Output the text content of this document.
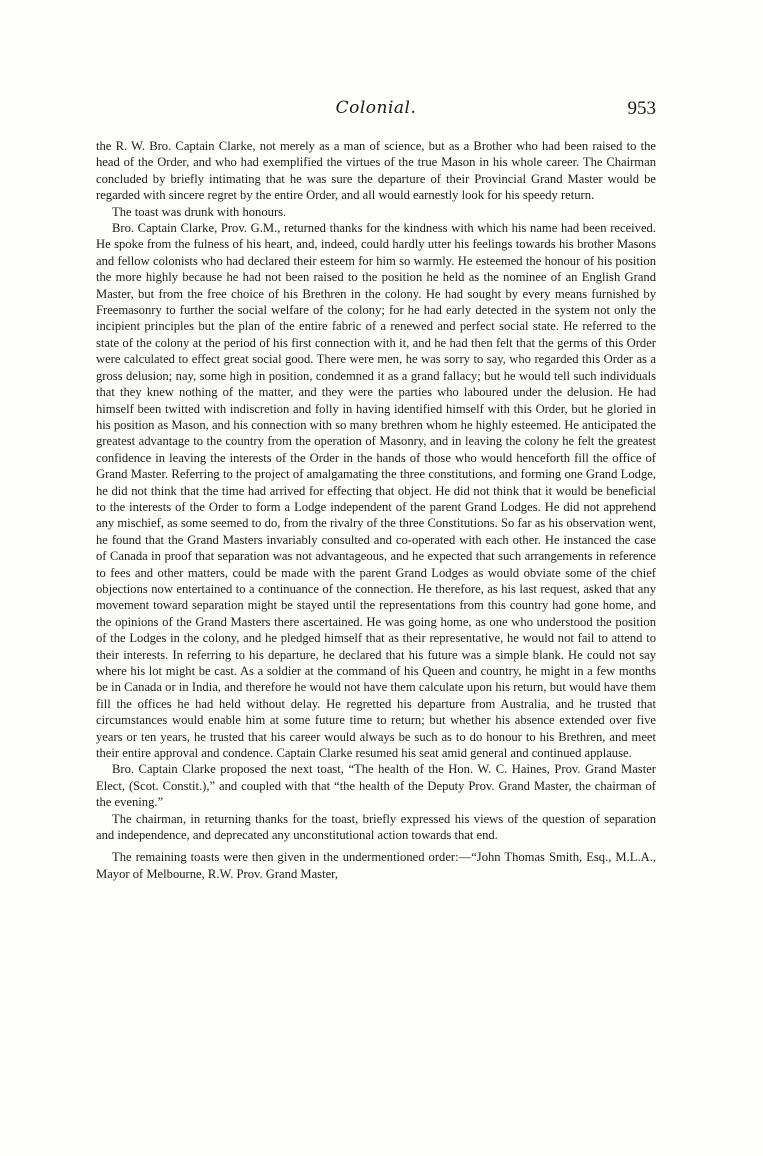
Colonial.	953

the R. W. Bro. Captain Clarke, not merely as a man of science, but as a Brother who had been raised to the head of the Order, and who had exemplified the virtues of the true Mason in his whole career. The Chairman concluded by briefly intimating that he was sure the departure of their Provincial Grand Master would be regarded with sincere regret by the entire Order, and all would earnestly look for his speedy return.

The toast was drunk with honours.

Bro. Captain Clarke, Prov. G.M., returned thanks for the kindness with which his name had been received. He spoke from the fulness of his heart, and, indeed, could hardly utter his feelings towards his brother Masons and fellow colonists who had declared their esteem for him so warmly. He esteemed the honour of his position the more highly because he had not been raised to the position he held as the nominee of an English Grand Master, but from the free choice of his Brethren in the colony. He had sought by every means furnished by Freemasonry to further the social welfare of the colony; for he had early detected in the system not only the incipient principles but the plan of the entire fabric of a renewed and perfect social state. He referred to the state of the colony at the period of his first connection with it, and he had then felt that the germs of this Order were calculated to effect great social good. There were men, he was sorry to say, who regarded this Order as a gross delusion; nay, some high in position, condemned it as a grand fallacy; but he would tell such individuals that they knew nothing of the matter, and they were the parties who laboured under the delusion. He had himself been twitted with indiscretion and folly in having identified himself with this Order, but he gloried in his position as Mason, and his connection with so many brethren whom he highly esteemed. He anticipated the greatest advantage to the country from the operation of Masonry, and in leaving the colony he felt the greatest confidence in leaving the interests of the Order in the hands of those who would henceforth fill the office of Grand Master. Referring to the project of amalgamating the three constitutions, and forming one Grand Lodge, he did not think that the time had arrived for effecting that object. He did not think that it would be beneficial to the interests of the Order to form a Lodge independent of the parent Grand Lodges. He did not apprehend any mischief, as some seemed to do, from the rivalry of the three Constitutions. So far as his observation went, he found that the Grand Masters invariably consulted and co-operated with each other. He instanced the case of Canada in proof that separation was not advantageous, and he expected that such arrangements in reference to fees and other matters, could be made with the parent Grand Lodges as would obviate some of the chief objections now entertained to a continuance of the connection. He therefore, as his last request, asked that any movement toward separation might be stayed until the representations from this country had gone home, and the opinions of the Grand Masters there ascertained. He was going home, as one who understood the position of the Lodges in the colony, and he pledged himself that as their representative, he would not fail to attend to their interests. In referring to his departure, he declared that his future was a simple blank. He could not say where his lot might be cast. As a soldier at the command of his Queen and country, he might in a few months be in Canada or in India, and therefore he would not have them calculate upon his return, but would have them fill the offices he had held without delay. He regretted his departure from Australia, and he trusted that circumstances would enable him at some future time to return; but whether his absence extended over five years or ten years, he trusted that his career would always be such as to do honour to his Brethren, and meet their entire approval and condence. Captain Clarke resumed his seat amid general and continued applause.

Bro. Captain Clarke proposed the next toast, “The health of the Hon. W. C. Haines, Prov. Grand Master Elect, (Scot. Constit.),” and coupled with that “the health of the Deputy Prov. Grand Master, the chairman of the evening.”

The chairman, in returning thanks for the toast, briefly expressed his views of the question of separation and independence, and deprecated any unconstitutional action towards that end.

The remaining toasts were then given in the undermentioned order:—“John Thomas Smith, Esq., M.L.A., Mayor of Melbourne, R.W. Prov. Grand Master,
